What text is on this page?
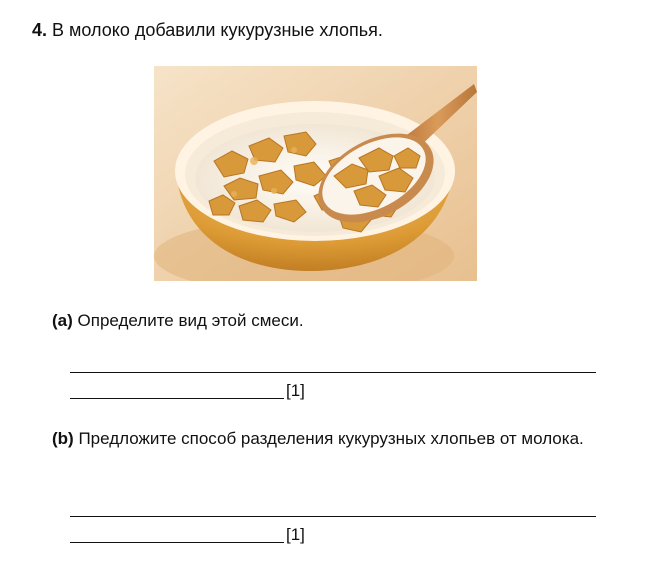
4. В молоко добавили кукурузные хлопья.
(a) Определите вид этой смеси.
[1]
(b) Предложите способ разделения кукурузных хлопьев от молока.
[1]
